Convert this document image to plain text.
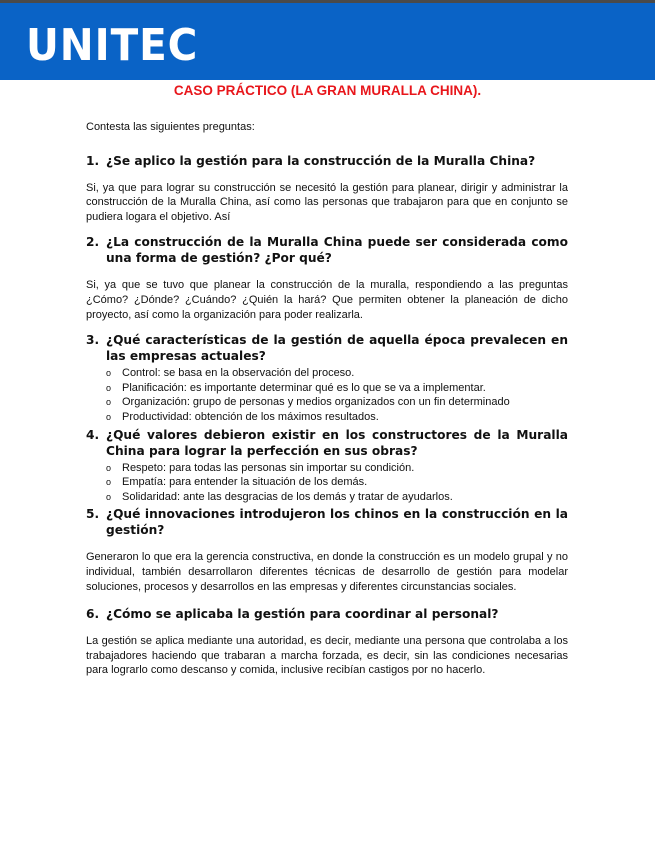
UNITEC
CASO PRÁCTICO (LA GRAN MURALLA CHINA).

Contesta las siguientes preguntas:

1. ¿Se aplico la gestión para la construcción de la Muralla China?

Si, ya que para lograr su construcción se necesitó la gestión para planear, dirigir y administrar la construcción de la Muralla China, así como las personas que trabajaron para que en conjunto se pudiera logara el objetivo. Así

2. ¿La construcción de la Muralla China puede ser considerada como una forma de gestión? ¿Por qué?

Si, ya que se tuvo que planear la construcción de la muralla, respondiendo a las preguntas ¿Cómo? ¿Dónde? ¿Cuándo? ¿Quién la hará? Que permiten obtener la planeación de dicho proyecto, así como la organización para poder realizarla.

3. ¿Qué características de la gestión de aquella época prevalecen en las empresas actuales?
o Control: se basa en la observación del proceso.
o Planificación: es importante determinar qué es lo que se va a implementar.
o Organización: grupo de personas y medios organizados con un fin determinado
o Productividad: obtención de los máximos resultados.
4. ¿Qué valores debieron existir en los constructores de la Muralla China para lograr la perfección en sus obras?
o Respeto: para todas las personas sin importar su condición.
o Empatía: para entender la situación de los demás.
o Solidaridad: ante las desgracias de los demás y tratar de ayudarlos.
5. ¿Qué innovaciones introdujeron los chinos en la construcción en la gestión?

Generaron lo que era la gerencia constructiva, en donde la construcción es un modelo grupal y no individual, también desarrollaron diferentes técnicas de desarrollo de gestión para modelar soluciones, procesos y desarrollos en las empresas y diferentes circunstancias sociales.

6. ¿Cómo se aplicaba la gestión para coordinar al personal?

La gestión se aplica mediante una autoridad, es decir, mediante una persona que controlaba a los trabajadores haciendo que trabaran a marcha forzada, es decir, sin las condiciones necesarias para lograrlo como descanso y comida, inclusive recibían castigos por no hacerlo.
